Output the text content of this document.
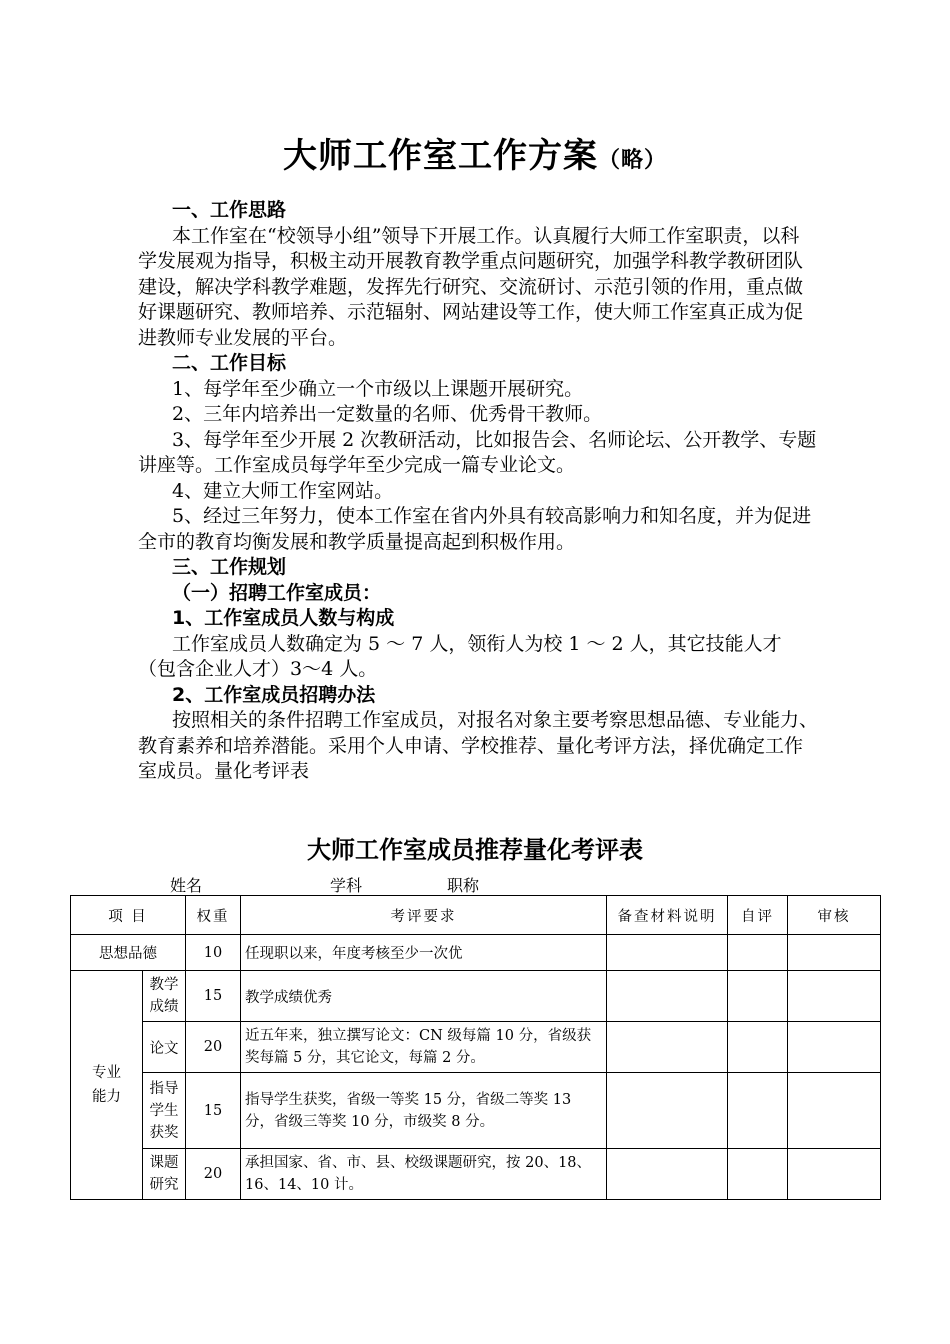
大师工作室工作方案（略）

一、工作思路

本工作室在“校领导小组”领导下开展工作。认真履行大师工作室职责，以科学发展观为指导，积极主动开展教育教学重点问题研究，加强学科教学教研团队建设，解决学科教学难题，发挥先行研究、交流研讨、示范引领的作用，重点做好课题研究、教师培养、示范辐射、网站建设等工作，使大师工作室真正成为促进教师专业发展的平台。

二、工作目标

1、每学年至少确立一个市级以上课题开展研究。

2、三年内培养出一定数量的名师、优秀骨干教师。

3、每学年至少开展 2 次教研活动，比如报告会、名师论坛、公开教学、专题讲座等。工作室成员每学年至少完成一篇专业论文。

4、建立大师工作室网站。

5、经过三年努力，使本工作室在省内外具有较高影响力和知名度，并为促进全市的教育均衡发展和教学质量提高起到积极作用。

三、工作规划

（一）招聘工作室成员：

1、工作室成员人数与构成

工作室成员人数确定为 5 ～ 7 人，领衔人为校 1 ～ 2 人，其它技能人才（包含企业人才）3～4 人。

2、工作室成员招聘办法

按照相关的条件招聘工作室成员，对报名对象主要考察思想品德、专业能力、教育素养和培养潜能。采用个人申请、学校推荐、量化考评方法，择优确定工作室成员。量化考评表

大师工作室成员推荐量化考评表
姓名	学科	职称
项 目		权重	考评要求	备查材料说明	自评	审核
思想品德		10	任现职以来，年度考核至少一次优			
专业能力	教学成绩	15	教学成绩优秀			
	论文	20	近五年来，独立撰写论文：CN 级每篇 10 分，省级获奖每篇 5 分，其它论文，每篇 2 分。			
	指导学生获奖	15	指导学生获奖，省级一等奖 15 分，省级二等奖 13 分，省级三等奖 10 分，市级奖 8 分。			
	课题研究	20	承担国家、省、市、县、校级课题研究，按 20、18、16、14、10 计。			
